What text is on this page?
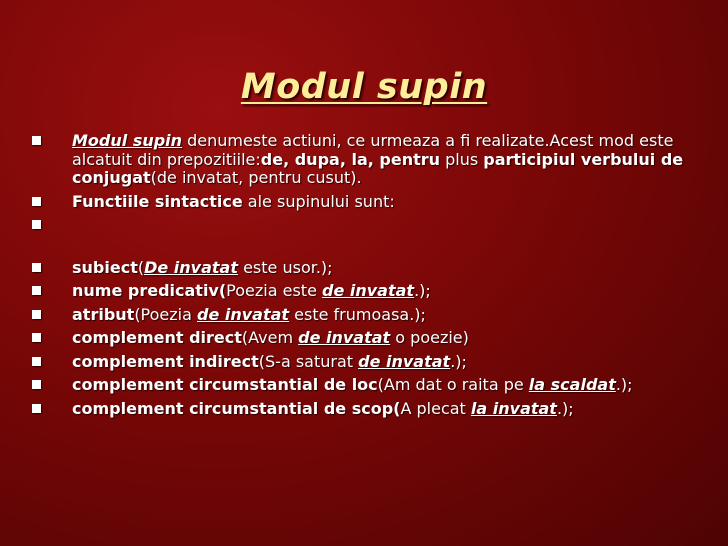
Modul supin
Modul supin denumeste actiuni, ce urmeaza a fi realizate.Acest mod este alcatuit din prepozitiile:de, dupa, la, pentru plus participiul verbului de conjugat(de invatat, pentru cusut).
Functiile sintactice ale supinului sunt:
subiect(De invatat este usor.);
nume predicativ(Poezia este de invatat.);
atribut(Poezia de invatat este frumoasa.);
complement direct(Avem de invatat o poezie)
complement indirect(S-a saturat de invatat.);
complement circumstantial de loc(Am dat o raita pe la scaldat.);
complement circumstantial de scop(A plecat la invatat.);
